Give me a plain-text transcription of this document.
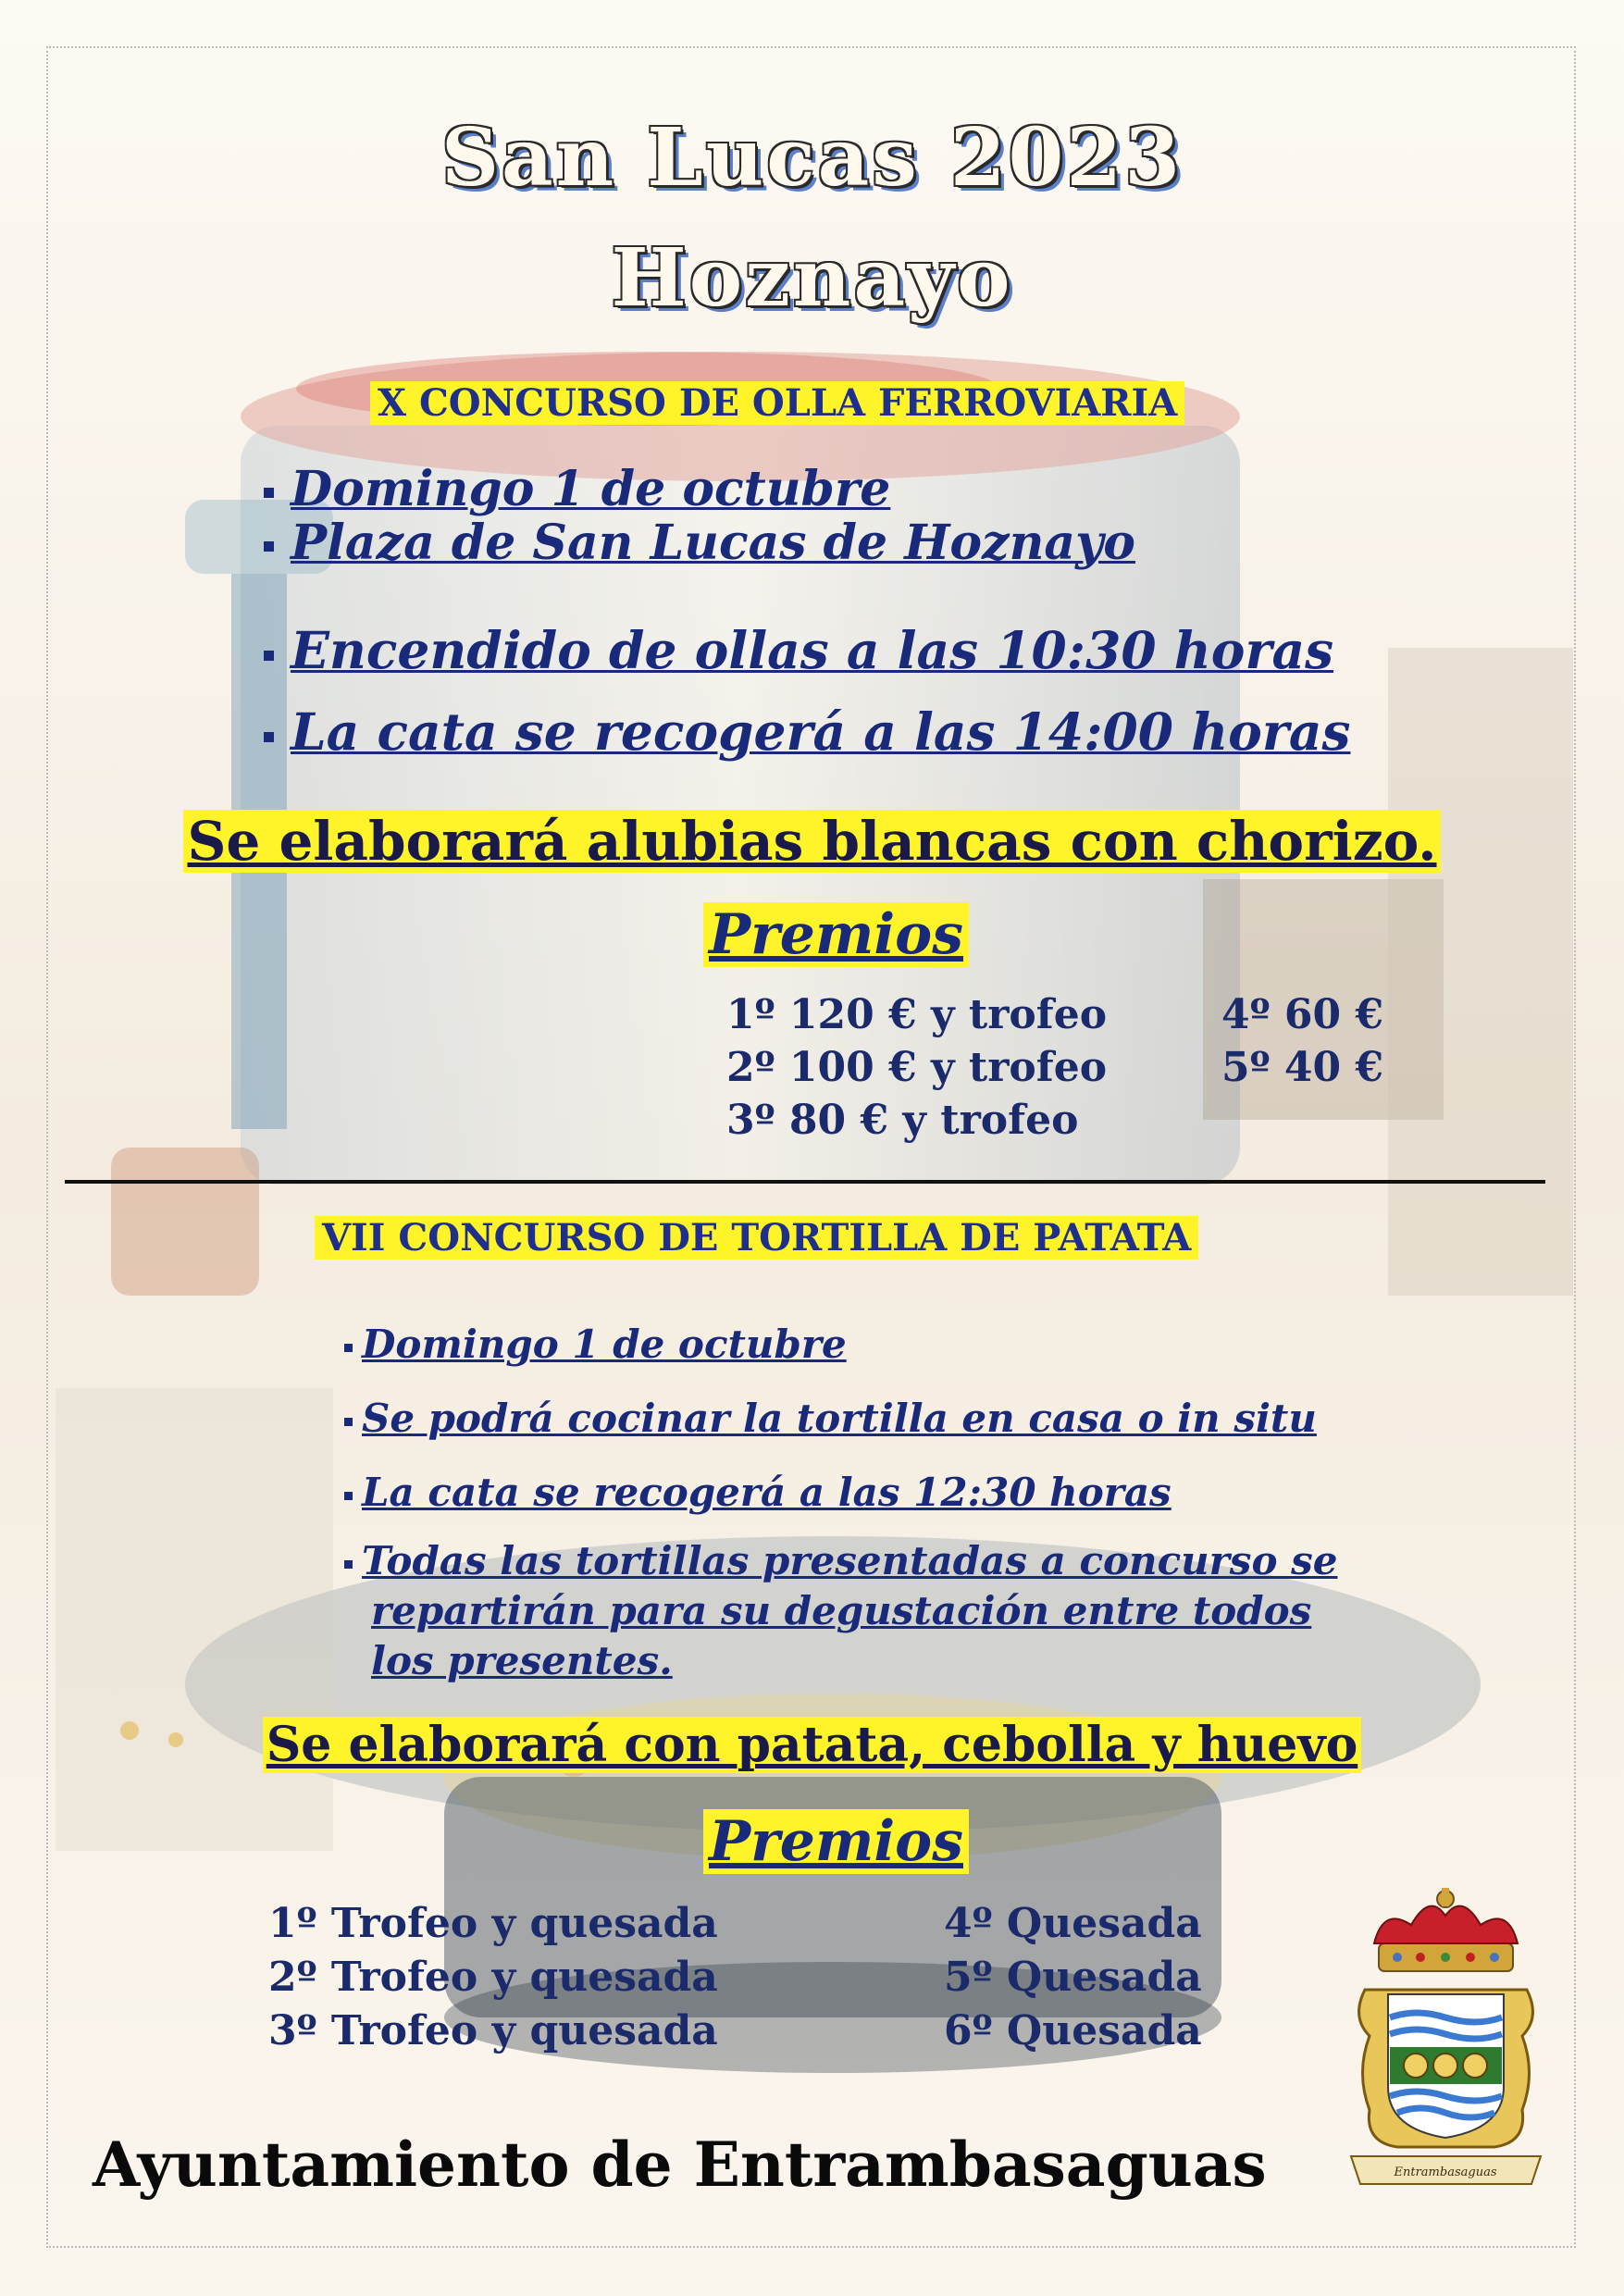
San Lucas 2023
Hoznayo
X CONCURSO DE OLLA FERROVIARIA
Domingo 1 de octubre
Plaza de San Lucas de Hoznayo
Encendido de ollas a las 10:30 horas
La cata se recogerá a las 14:00 horas
Se elaborará alubias blancas con chorizo.
Premios
1º 120 € y trofeo
2º 100 € y trofeo
3º 80 € y trofeo
4º 60 €
5º 40 €
VII CONCURSO DE TORTILLA DE PATATA
Domingo 1 de octubre
Se podrá cocinar la tortilla en casa o in situ
La cata se recogerá a las 12:30 horas
Todas las tortillas presentadas a concurso se
repartirán para su degustación entre todos
los presentes.
Se elaborará con patata, cebolla y huevo
Premios
1º Trofeo y quesada
2º Trofeo y quesada
3º Trofeo y quesada
4º Quesada
5º Quesada
6º Quesada
Entrambasaguas
Ayuntamiento de Entrambasaguas
